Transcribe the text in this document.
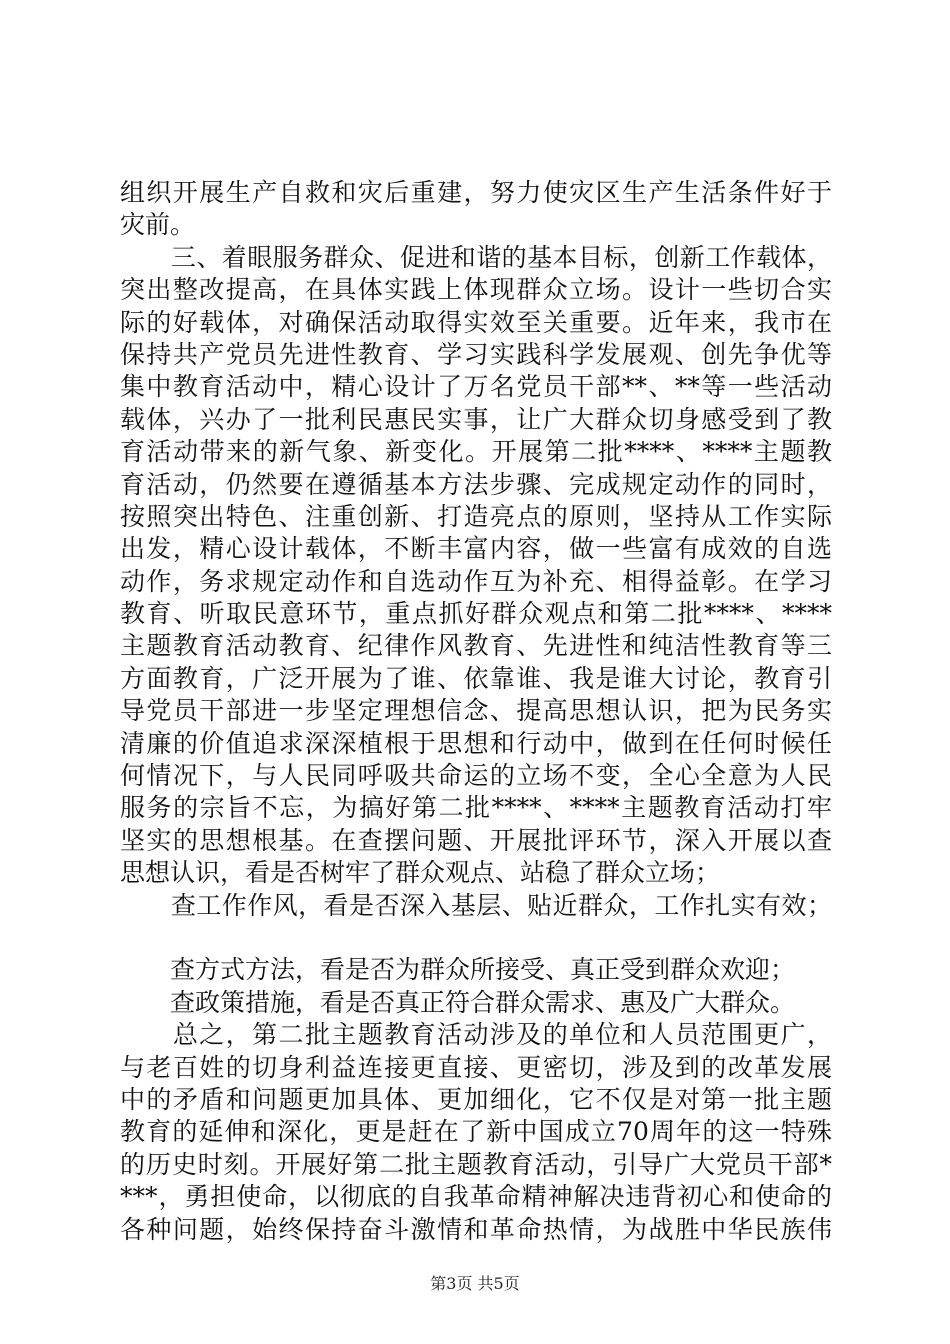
组织开展生产自救和灾后重建，努力使灾区生产生活条件好于
灾前。
　　三、着眼服务群众、促进和谐的基本目标，创新工作载体，
突出整改提高，在具体实践上体现群众立场。设计一些切合实
际的好载体，对确保活动取得实效至关重要。近年来，我市在
保持共产党员先进性教育、学习实践科学发展观、创先争优等
集中教育活动中，精心设计了万名党员干部**、**等一些活动
载体，兴办了一批利民惠民实事，让广大群众切身感受到了教
育活动带来的新气象、新变化。开展第二批****、****主题教
育活动，仍然要在遵循基本方法步骤、完成规定动作的同时，
按照突出特色、注重创新、打造亮点的原则，坚持从工作实际
出发，精心设计载体，不断丰富内容，做一些富有成效的自选
动作，务求规定动作和自选动作互为补充、相得益彰。在学习
教育、听取民意环节，重点抓好群众观点和第二批****、****
主题教育活动教育、纪律作风教育、先进性和纯洁性教育等三
方面教育，广泛开展为了谁、依靠谁、我是谁大讨论，教育引
导党员干部进一步坚定理想信念、提高思想认识，把为民务实
清廉的价值追求深深植根于思想和行动中，做到在任何时候任
何情况下，与人民同呼吸共命运的立场不变，全心全意为人民
服务的宗旨不忘，为搞好第二批****、****主题教育活动打牢
坚实的思想根基。在查摆问题、开展批评环节，深入开展以查
思想认识，看是否树牢了群众观点、站稳了群众立场；
　　查工作作风，看是否深入基层、贴近群众，工作扎实有效；
　　查方式方法，看是否为群众所接受、真正受到群众欢迎；
　　查政策措施，看是否真正符合群众需求、惠及广大群众。
　　总之，第二批主题教育活动涉及的单位和人员范围更广，
与老百姓的切身利益连接更直接、更密切，涉及到的改革发展
中的矛盾和问题更加具体、更加细化，它不仅是对第一批主题
教育的延伸和深化，更是赶在了新中国成立70周年的这一特殊
的历史时刻。开展好第二批主题教育活动，引导广大党员干部*
***，勇担使命，以彻底的自我革命精神解决违背初心和使命的
各种问题，始终保持奋斗激情和革命热情，为战胜中华民族伟
第3页 共5页
